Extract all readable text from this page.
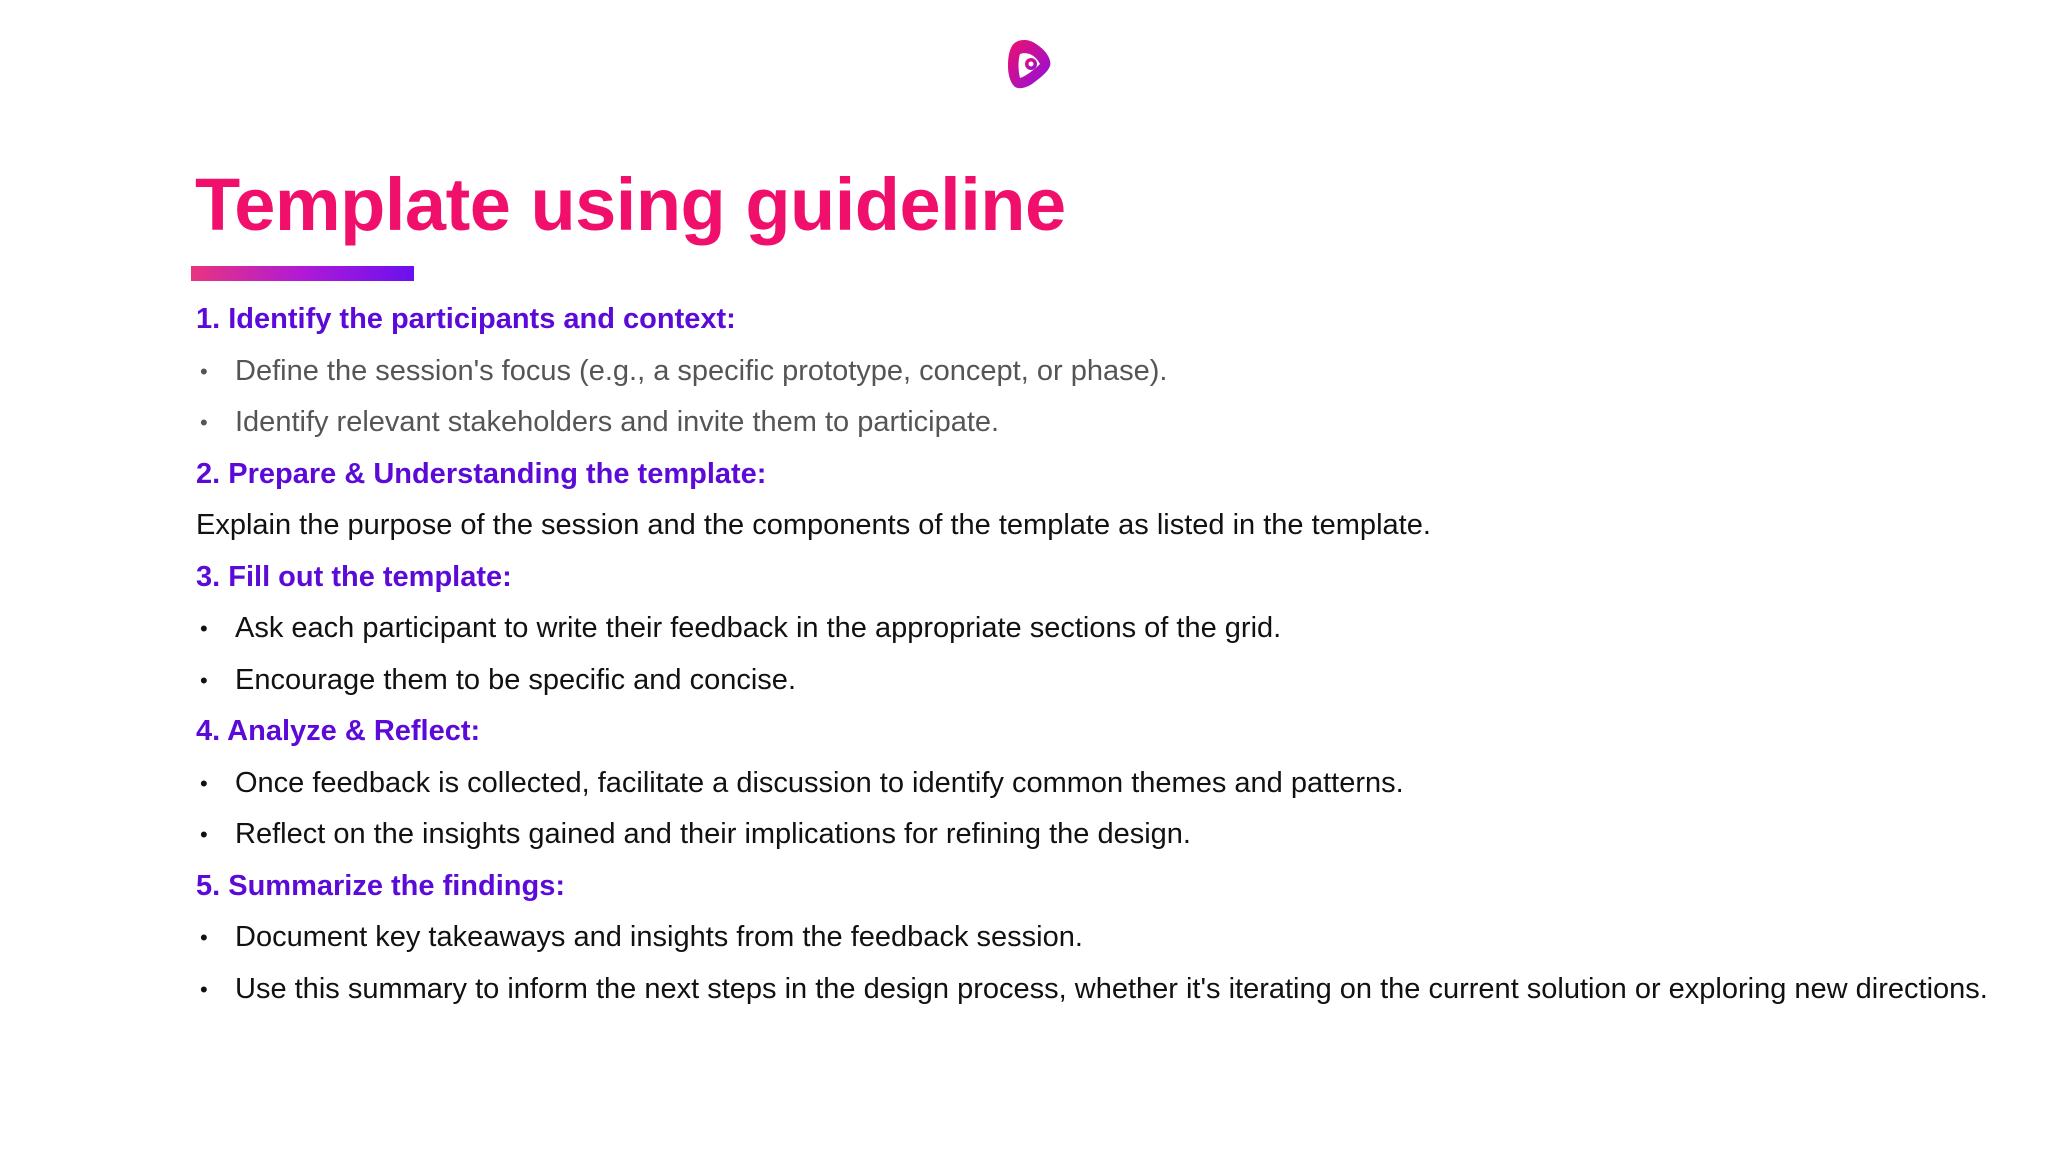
Template using guideline
1. Identify the participants and context:
• Define the session's focus (e.g., a specific prototype, concept, or phase).
• Identify relevant stakeholders and invite them to participate.
2. Prepare & Understanding the template:
Explain the purpose of the session and the components of the template as listed in the template.
3. Fill out the template:
• Ask each participant to write their feedback in the appropriate sections of the grid.
• Encourage them to be specific and concise.
4. Analyze & Reflect:
• Once feedback is collected, facilitate a discussion to identify common themes and patterns.
• Reflect on the insights gained and their implications for refining the design.
5. Summarize the findings:
• Document key takeaways and insights from the feedback session.
• Use this summary to inform the next steps in the design process, whether it's iterating on the current solution or exploring new directions.
